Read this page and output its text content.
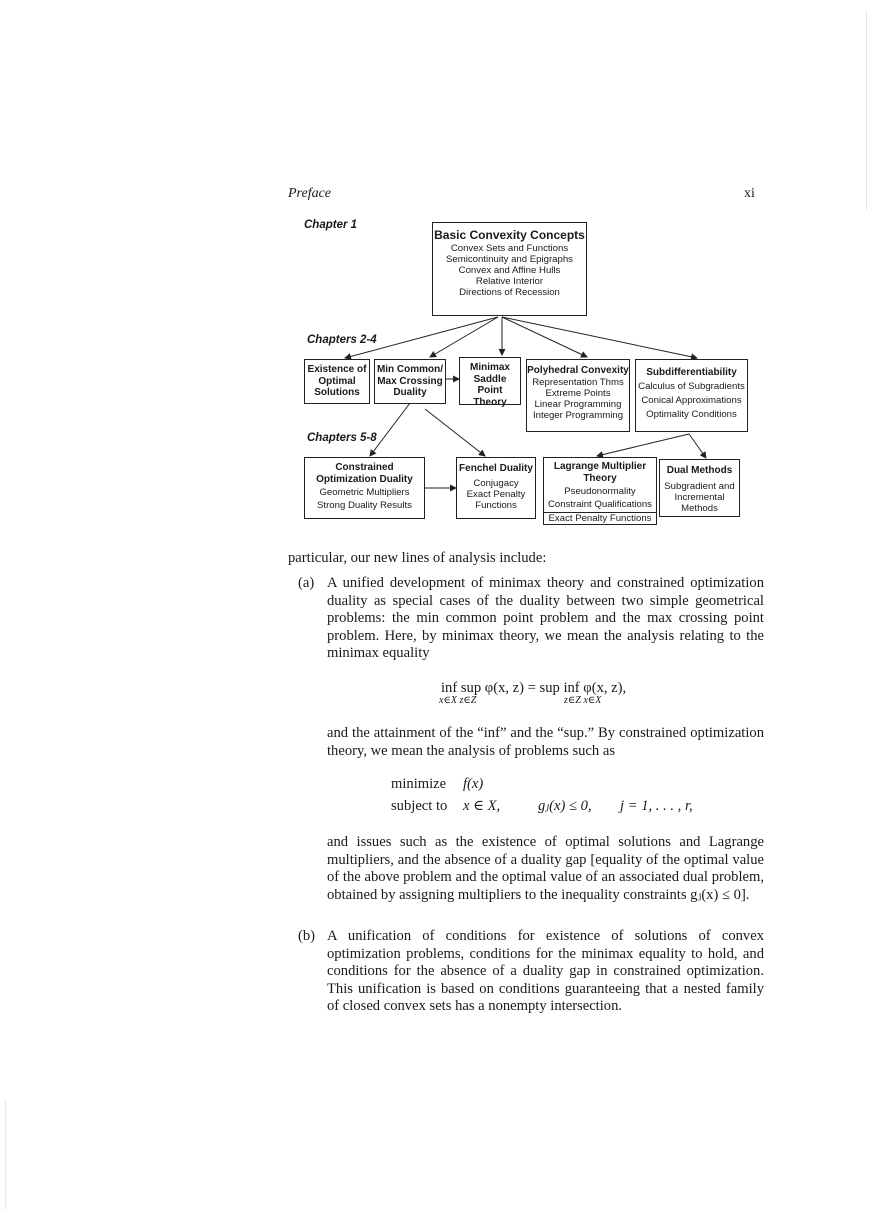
Preface	xi
Chapter 1
Chapters 2-4
Chapters 5-8
Basic Convexity Concepts
Convex Sets and Functions
Semicontinuity and Epigraphs
Convex and Affine Hulls
Relative Interior
Directions of Recession
Existence of
Optimal
Solutions
Min Common/
Max Crossing
Duality
Minimax
Saddle Point
Theory
Polyhedral Convexity
Representation Thms
Extreme Points
Linear Programming
Integer Programming
Subdifferentiability
Calculus of Subgradients
Conical Approximations
Optimality Conditions
Constrained
Optimization Duality
Geometric Multipliers
Strong Duality Results
Fenchel Duality
Conjugacy
Exact Penalty
Functions
Lagrange Multiplier
Theory
Pseudonormality
Constraint Qualifications
Exact Penalty Functions
Dual Methods
Subgradient and
Incremental
Methods
particular, our new lines of analysis include:
(a) A unified development of minimax theory and constrained optimization duality as special cases of the duality between two simple geometrical problems: the min common point problem and the max crossing point problem. Here, by minimax theory, we mean the analysis relating to the minimax equality
inf sup φ(x, z) = sup inf φ(x, z),
x∈X z∈Z	z∈Z x∈X
and the attainment of the “inf” and the “sup.” By constrained optimization theory, we mean the analysis of problems such as
minimize f(x)
subject to x ∈ X,	gⱼ(x) ≤ 0, j = 1, . . . , r,
and issues such as the existence of optimal solutions and Lagrange multipliers, and the absence of a duality gap [equality of the optimal value of the above problem and the optimal value of an associated dual problem, obtained by assigning multipliers to the inequality constraints gⱼ(x) ≤ 0].
(b) A unification of conditions for existence of solutions of convex optimization problems, conditions for the minimax equality to hold, and conditions for the absence of a duality gap in constrained optimization. This unification is based on conditions guaranteeing that a nested family of closed convex sets has a nonempty intersection.
